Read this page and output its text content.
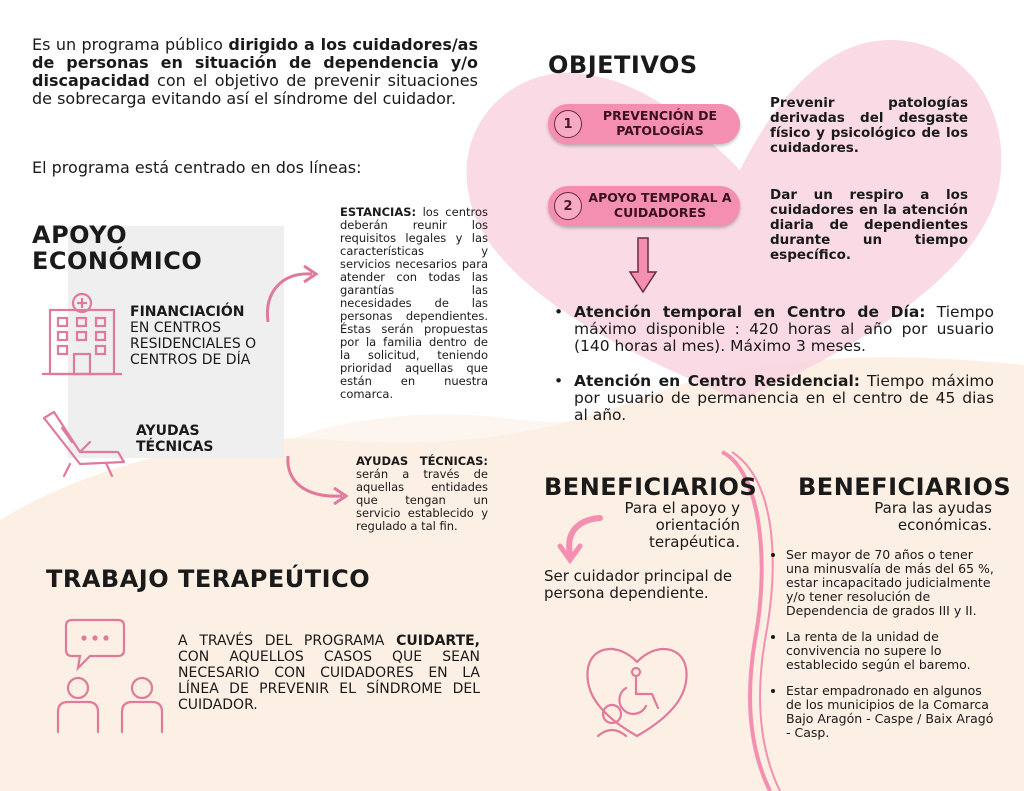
Es un programa público dirigido a los cuidadores/as de personas en situación de dependencia y/o discapacidad con el objetivo de prevenir situaciones de sobrecarga evitando así el síndrome del cuidador.
El programa está centrado en dos líneas:
APOYO
ECONÓMICO
FINANCIACIÓN
EN CENTROS RESIDENCIALES O CENTROS DE DÍA
AYUDAS TÉCNICAS
ESTANCIAS: los centros deberán reunir los requisitos legales y las características y servicios necesarios para atender con todas las garantías las necesidades de las personas dependientes. Éstas serán propuestas por la familia dentro de la solicitud, teniendo prioridad aquellas que están en nuestra comarca.
AYUDAS TÉCNICAS: serán a través de aquellas entidades que tengan un servicio establecido y regulado a tal fin.
TRABAJO TERAPEÚTICO
A TRAVÉS DEL PROGRAMA CUIDARTE, CON AQUELLOS CASOS QUE SEAN NECESARIO CON CUIDADORES EN LA LÍNEA DE PREVENIR EL SÍNDROME DEL CUIDADOR.
OBJETIVOS
1
PREVENCIÓN DE PATOLOGÍAS
Prevenir patologías derivadas del desgaste físico y psicológico de los cuidadores.
2
APOYO TEMPORAL A CUIDADORES
Dar un respiro a los cuidadores en la atención diaria de dependientes durante un tiempo específico.
• Atención temporal en Centro de Día: Tiempo máximo disponible : 420 horas al año por usuario (140 horas al mes). Máximo 3 meses.
• Atención en Centro Residencial: Tiempo máximo por usuario de permanencia en el centro de 45 dias al año.
BENEFICIARIOS
Para el apoyo y orientación terapéutica.
Ser cuidador principal de persona dependiente.
BENEFICIARIOS
Para las ayudas económicas.
• Ser mayor de 70 años o tener una minusvalía de más del 65 %, estar incapacitado judicialmente y/o tener resolución de Dependencia de grados III y II.
• La renta de la unidad de convivencia no supere lo establecido según el baremo.
• Estar empadronado en algunos de los municipios de la Comarca Bajo Aragón - Caspe / Baix Aragó - Casp.
